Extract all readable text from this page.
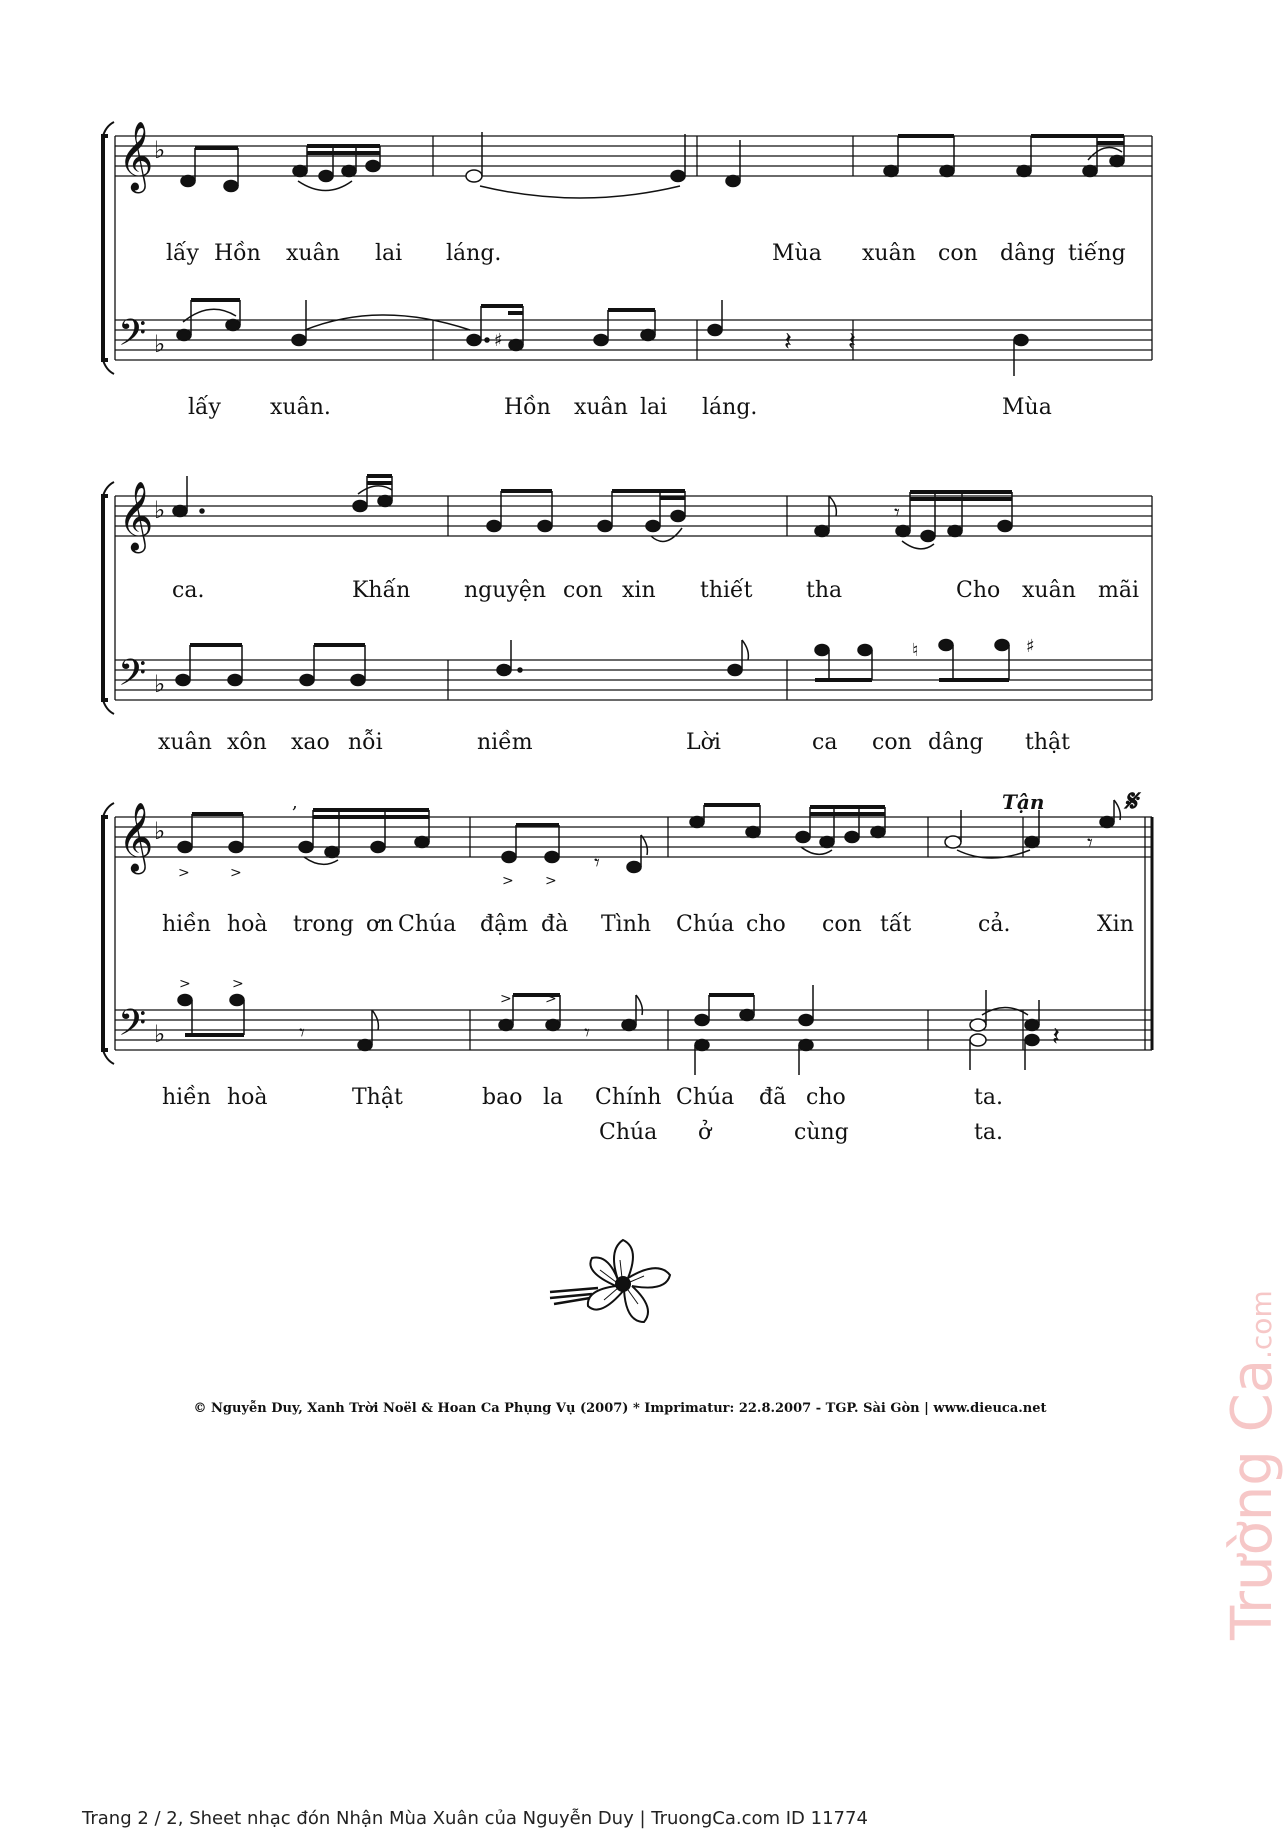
𝄞
𝄢
♭
♭
𝄞
𝄢
♭
♭
𝄞
𝄢
♭
♭
𝄽 𝄽
𝄾
𝄾
𝄾
𝄾
𝄾
𝄽
♯
♮	♯
>	>	> >
>	>
> >
,
lấy Hồn xuân lai láng.	Mùa xuân con dâng tiếng
lấy xuân.	Hồn xuân lai láng.	Mùa
ca.	Khấn nguyện con xin thiết tha	Cho xuân mãi
xuân xôn xao nỗi	niềm	Lời	ca con dâng thật
Tận	𝄋
hiền hoà trong ơn Chúa đậm đà Tình Chúa cho con tất	cả.	Xin
hiền hoà	Thật	bao la Chính Chúa đã cho	ta.
Chúa ở	cùng	ta.
© Nguyễn Duy, Xanh Trời Noël & Hoan Ca Phụng Vụ (2007) * Imprimatur: 22.8.2007 - TGP. Sài Gòn | www.dieuca.net	Trường Ca.com
Trang 2 / 2, Sheet nhạc đón Nhận Mùa Xuân của Nguyễn Duy | TruongCa.com ID 11774
